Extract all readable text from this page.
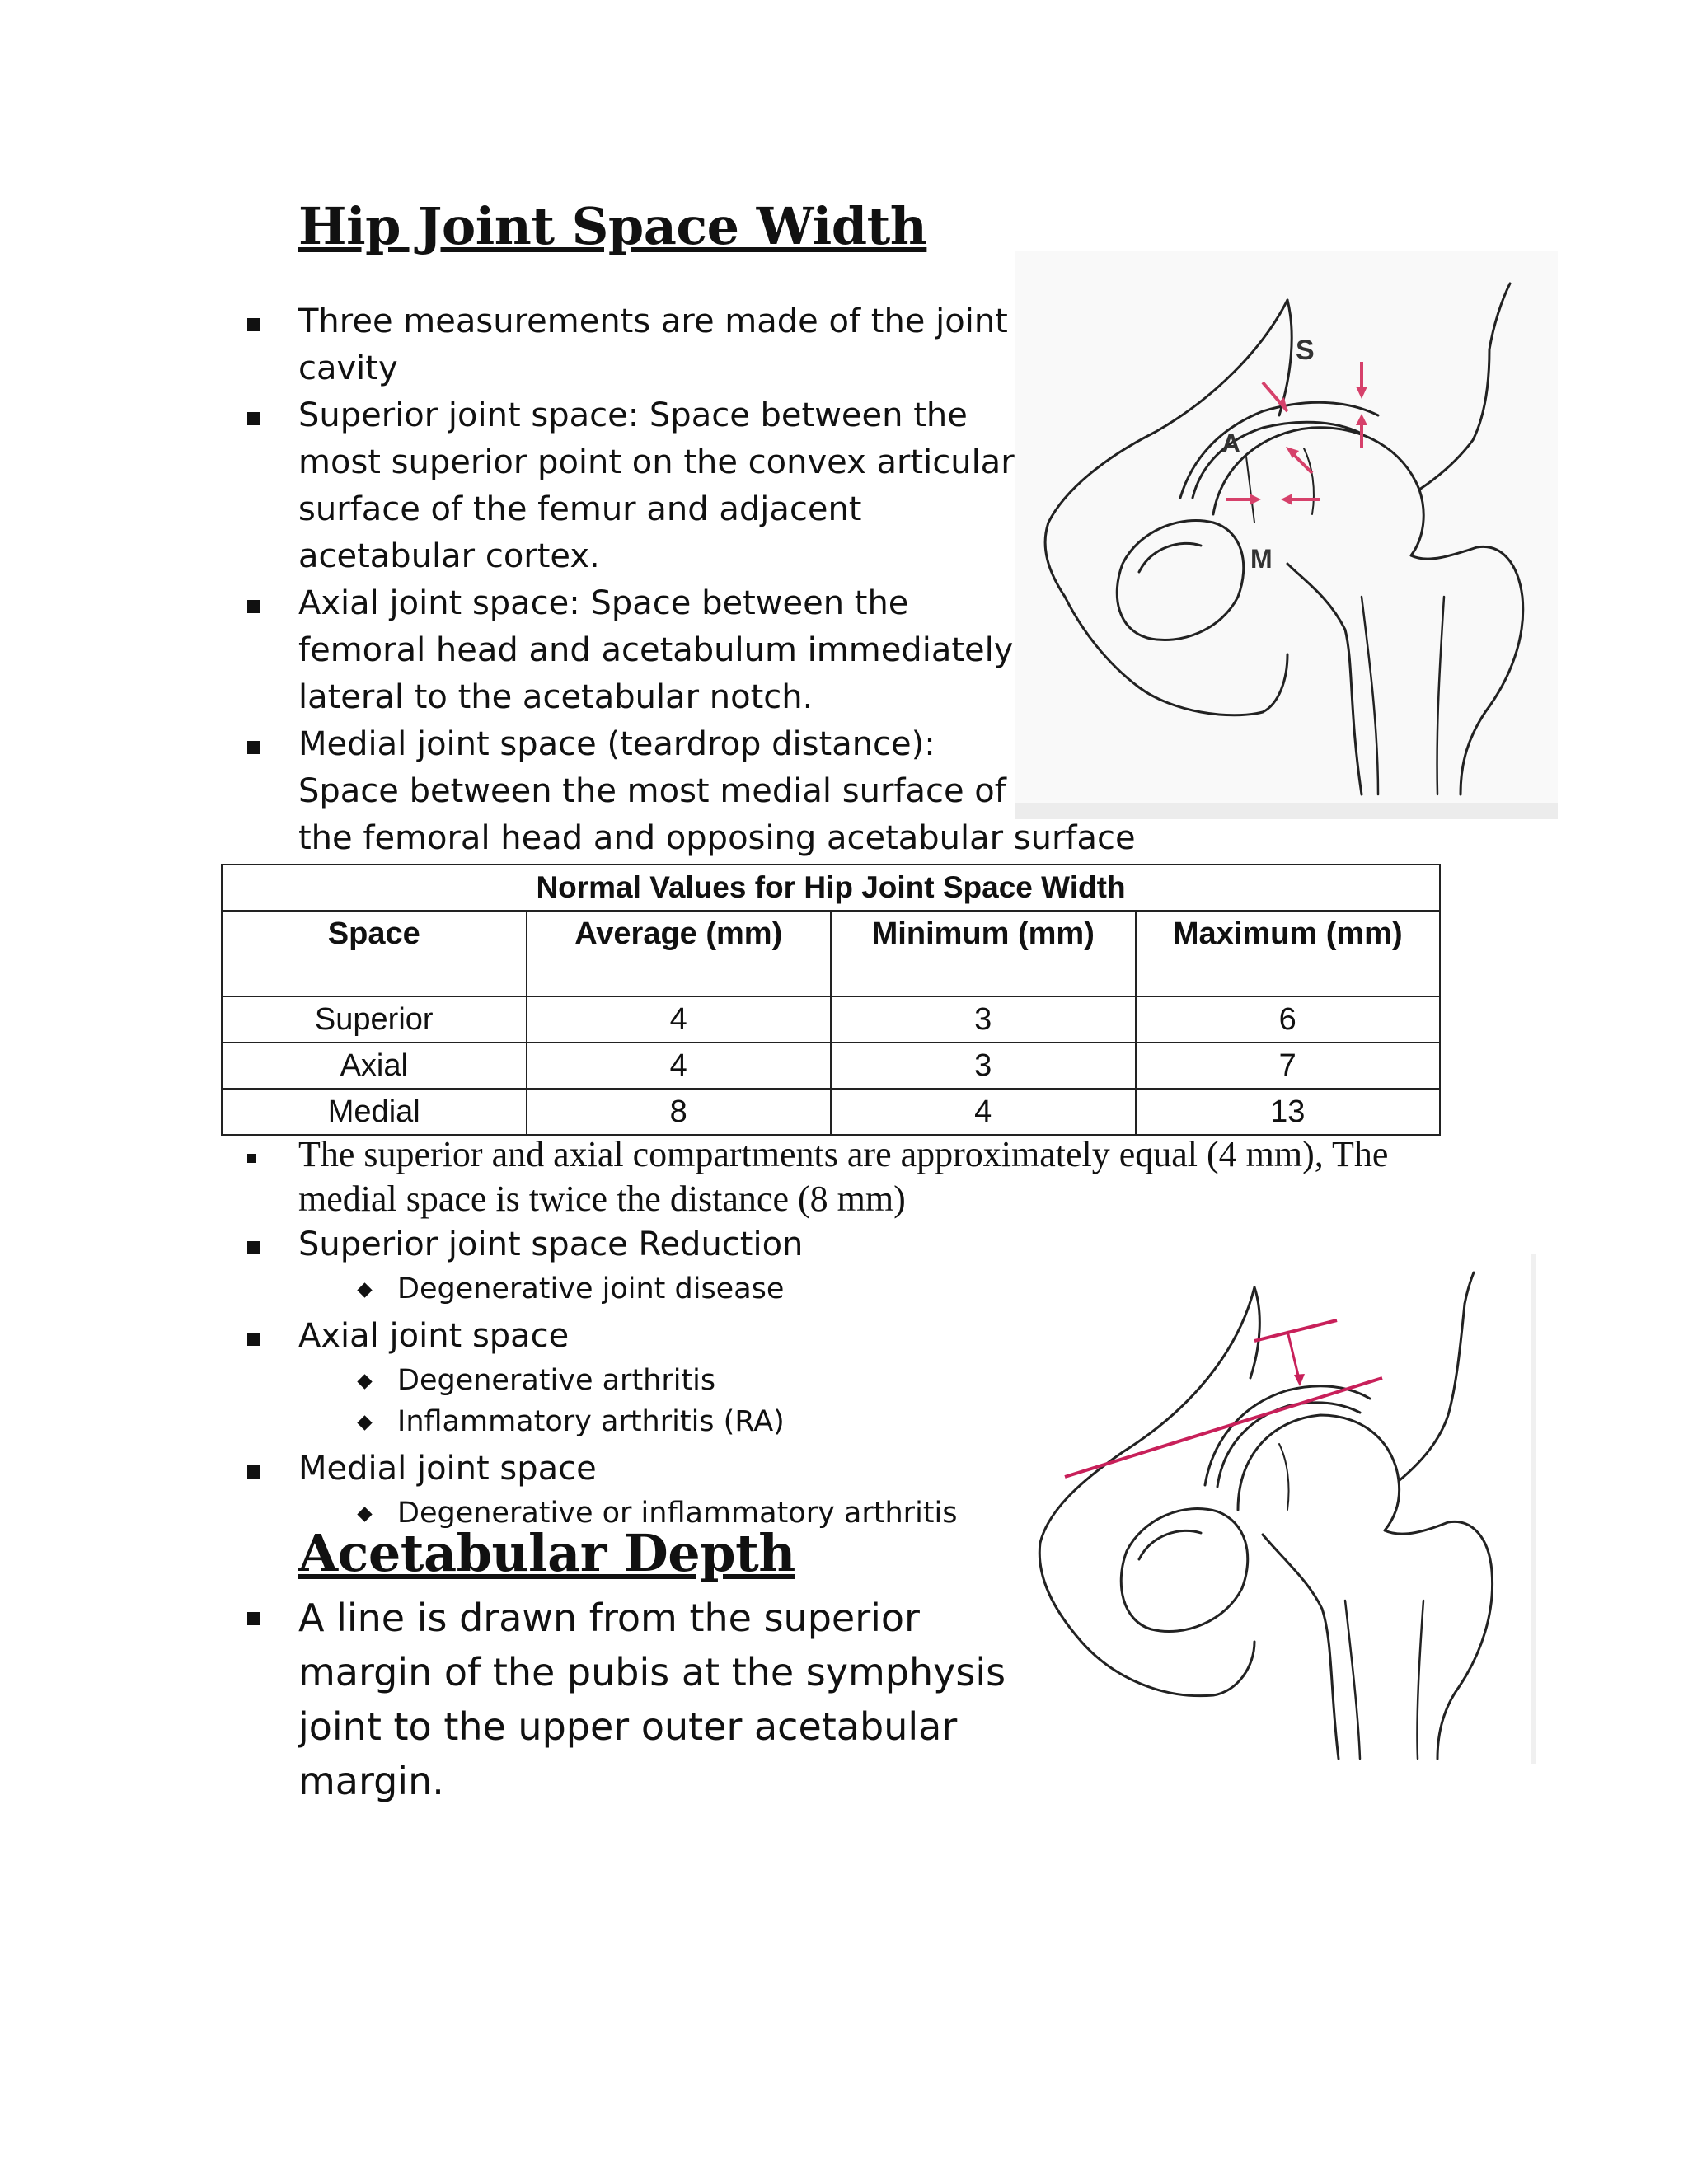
Hip Joint Space Width
Three measurements are made of the joint
cavity
Superior joint space: Space between the
most superior point on the convex articular
surface of the femur and adjacent
acetabular cortex.
Axial joint space: Space between the
femoral head and acetabulum immediately
lateral to the acetabular notch.
Medial joint space (teardrop distance):
Space between the most medial surface of
the femoral head and opposing acetabular surface
S
A
M
Normal Values for Hip Joint Space Width			
Space	Average (mm)	Minimum (mm)	Maximum (mm)
Superior	4	3	6
Axial	4	3	7
Medial	8	4	13
The superior and axial compartments are approximately equal (4 mm), The
medial space is twice the distance (8 mm)
Superior joint space Reduction
Degenerative joint disease
Axial joint space
Degenerative arthritis
Inflammatory arthritis (RA)
Medial joint space
Degenerative or inflammatory arthritis
Acetabular Depth
A line is drawn from the superior
margin of the pubis at the symphysis
joint to the upper outer acetabular
margin.
